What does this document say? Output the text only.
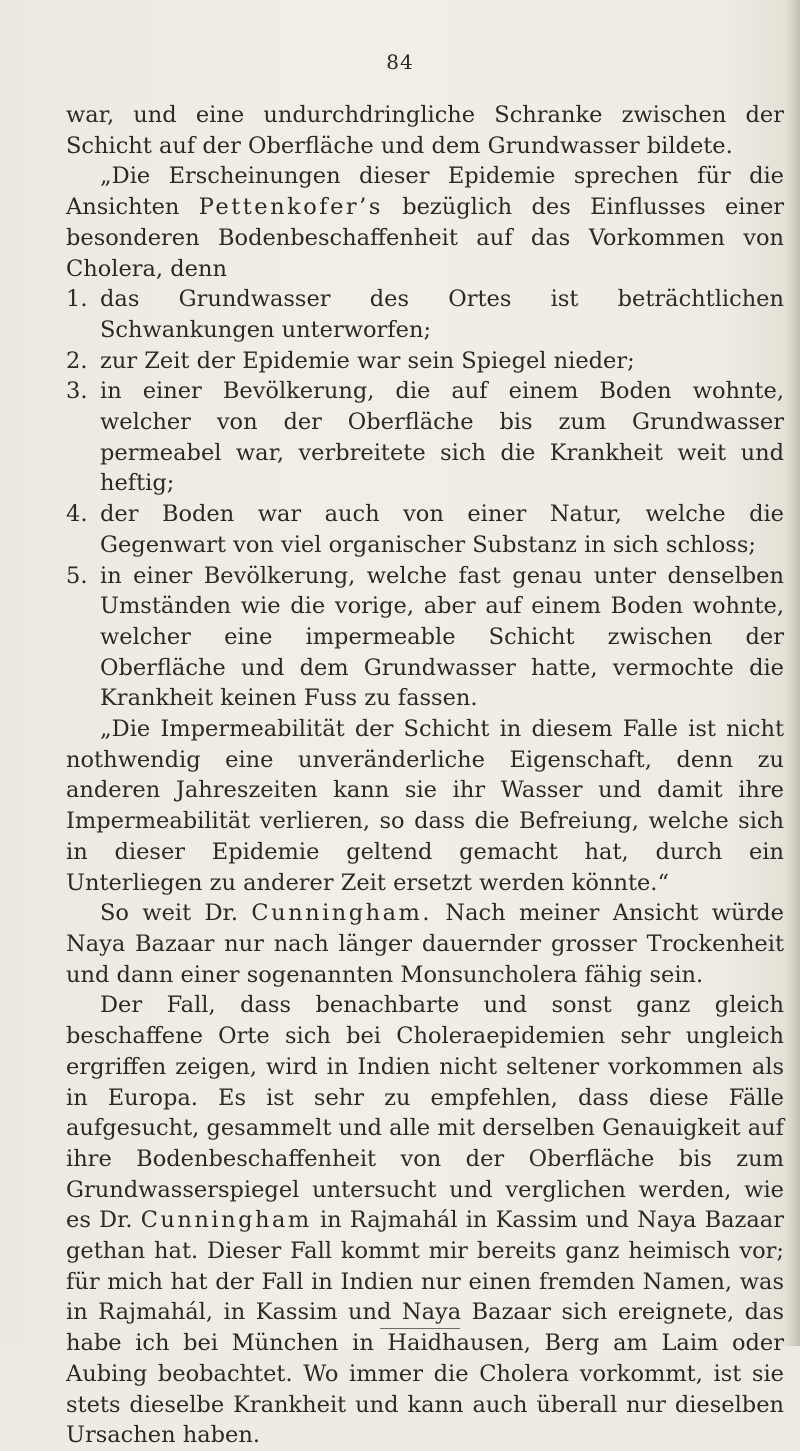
84

war, und eine undurchdringliche Schranke zwischen der Schicht auf der Oberfläche und dem Grundwasser bildete.

„Die Erscheinungen dieser Epidemie sprechen für die Ansichten Pettenkofer’s bezüglich des Einflusses einer besonderen Bodenbeschaffenheit auf das Vorkommen von Cholera, denn

1. das Grundwasser des Ortes ist beträchtlichen Schwankungen unterworfen;
2. zur Zeit der Epidemie war sein Spiegel nieder;
3. in einer Bevölkerung, die auf einem Boden wohnte, welcher von der Oberfläche bis zum Grundwasser permeabel war, verbreitete sich die Krankheit weit und heftig;
4. der Boden war auch von einer Natur, welche die Gegenwart von viel organischer Substanz in sich schloss;
5. in einer Bevölkerung, welche fast genau unter denselben Umständen wie die vorige, aber auf einem Boden wohnte, welcher eine impermeable Schicht zwischen der Oberfläche und dem Grundwasser hatte, vermochte die Krankheit keinen Fuss zu fassen.

„Die Impermeabilität der Schicht in diesem Falle ist nicht nothwendig eine unveränderliche Eigenschaft, denn zu anderen Jahreszeiten kann sie ihr Wasser und damit ihre Impermeabilität verlieren, so dass die Befreiung, welche sich in dieser Epidemie geltend gemacht hat, durch ein Unterliegen zu anderer Zeit ersetzt werden könnte.“

So weit Dr. Cunningham. Nach meiner Ansicht würde Naya Bazaar nur nach länger dauernder grosser Trockenheit und dann einer sogenannten Monsuncholera fähig sein.

Der Fall, dass benachbarte und sonst ganz gleich beschaffene Orte sich bei Choleraepidemien sehr ungleich ergriffen zeigen, wird in Indien nicht seltener vorkommen als in Europa. Es ist sehr zu empfehlen, dass diese Fälle aufgesucht, gesammelt und alle mit derselben Genauigkeit auf ihre Bodenbeschaffenheit von der Oberfläche bis zum Grundwasserspiegel untersucht und verglichen werden, wie es Dr. Cunningham in Rajmahál in Kassim und Naya Bazaar gethan hat. Dieser Fall kommt mir bereits ganz heimisch vor; für mich hat der Fall in Indien nur einen fremden Namen, was in Rajmahál, in Kassim und Naya Bazaar sich ereignete, das habe ich bei München in Haidhausen, Berg am Laim oder Aubing beobachtet. Wo immer die Cholera vorkommt, ist sie stets dieselbe Krankheit und kann auch überall nur dieselben Ursachen haben.
